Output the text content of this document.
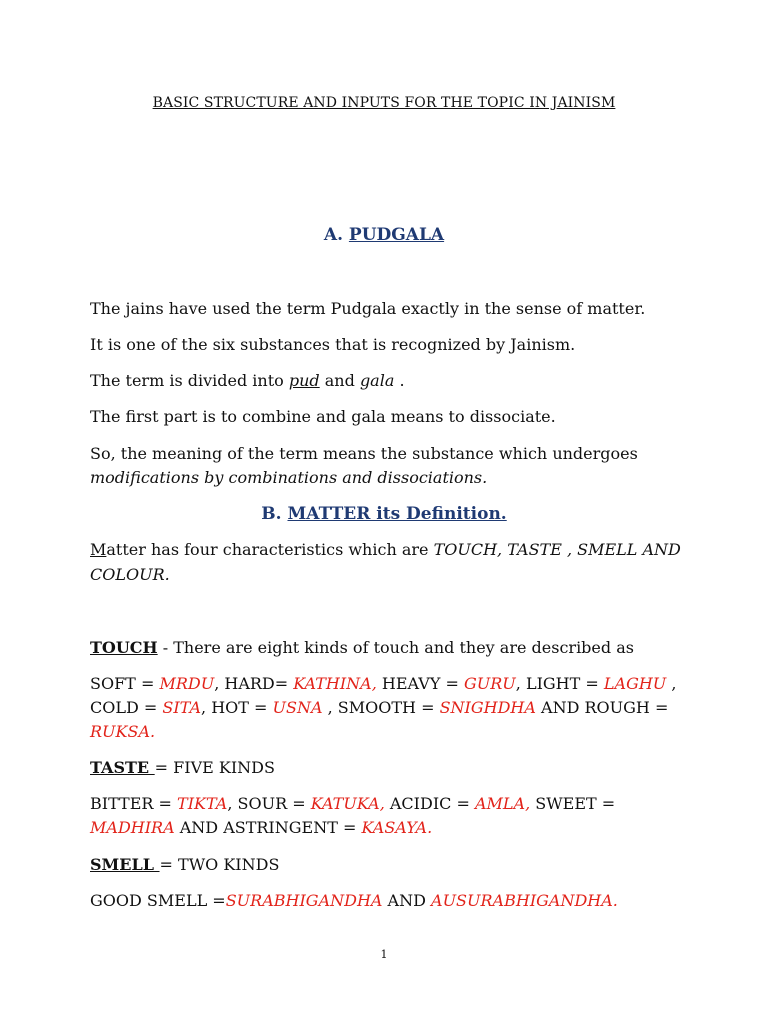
BASIC STRUCTURE AND INPUTS FOR THE TOPIC IN JAINISM

A. PUDGALA

The jains have used the term Pudgala exactly in the sense of matter.

It is one of the six substances that is recognized by Jainism.

The term is divided into pud and gala .

The first part is to combine and gala means to dissociate.

So, the meaning of the term means the substance which undergoes

modifications by combinations and dissociations.

B. MATTER its Definition.

Matter has four characteristics which are TOUCH, TASTE , SMELL AND

COLOUR.

TOUCH - There are eight kinds of touch and they are described as

SOFT = MRDU, HARD= KATHINA, HEAVY = GURU, LIGHT = LAGHU ,

COLD = SITA, HOT = USNA , SMOOTH = SNIGHDHA AND ROUGH =

RUKSA.

TASTE = FIVE KINDS

BITTER = TIKTA, SOUR = KATUKA, ACIDIC = AMLA, SWEET =

MADHIRA AND ASTRINGENT = KASAYA.

SMELL = TWO KINDS

GOOD SMELL =SURABHIGANDHA AND AUSURABHIGANDHA.

1
